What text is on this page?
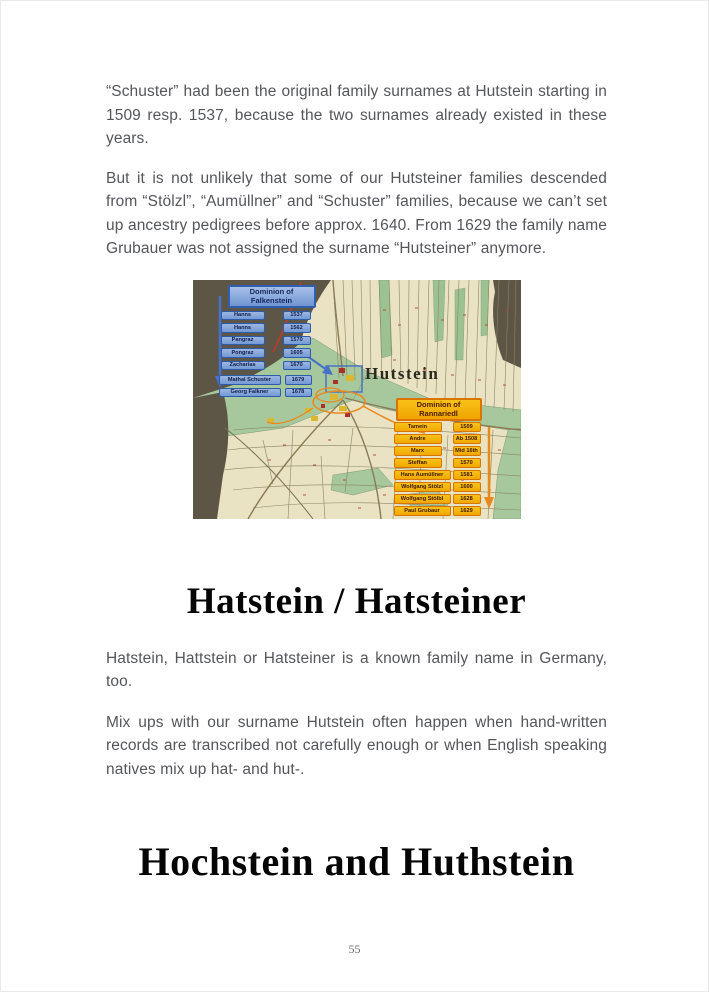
“Schuster” had been the original family surnames at Hutstein starting in 1509 resp. 1537, because the two surnames already existed in these years.

But it is not unlikely that some of our Hutsteiner families descended from “Stölzl”, “Aumüllner” and “Schuster” families, because we can’t set up ancestry pedigrees before approx. 1640. From 1629 the family name Grubauer was not assigned the surname “Hutsteiner” anymore.

Hutstein
Dominion of
Falkenstein
Hanns	1537
Hanns	1562
Pangraz	1570
Pongraz	1605
Zacharias	1670
Mathal Schuster	1679
Georg Falkner	1678
Dominion of
Rannariedl
Tamein	1509
Andre	Ab 1508
Marx	Mid 16th
Steffan	1570
Hans Aumüllner	1581
Wolfgang Stölzl	1600
Wolfgang Stölbl	1628
Paul Grubaur	1629
Hatstein / Hatsteiner

Hatstein, Hattstein or Hatsteiner is a known family name in Germany, too.

Mix ups with our surname Hutstein often happen when hand-written records are transcribed not carefully enough or when English speaking natives mix up hat- and hut-.

Hochstein and Huthstein
55
